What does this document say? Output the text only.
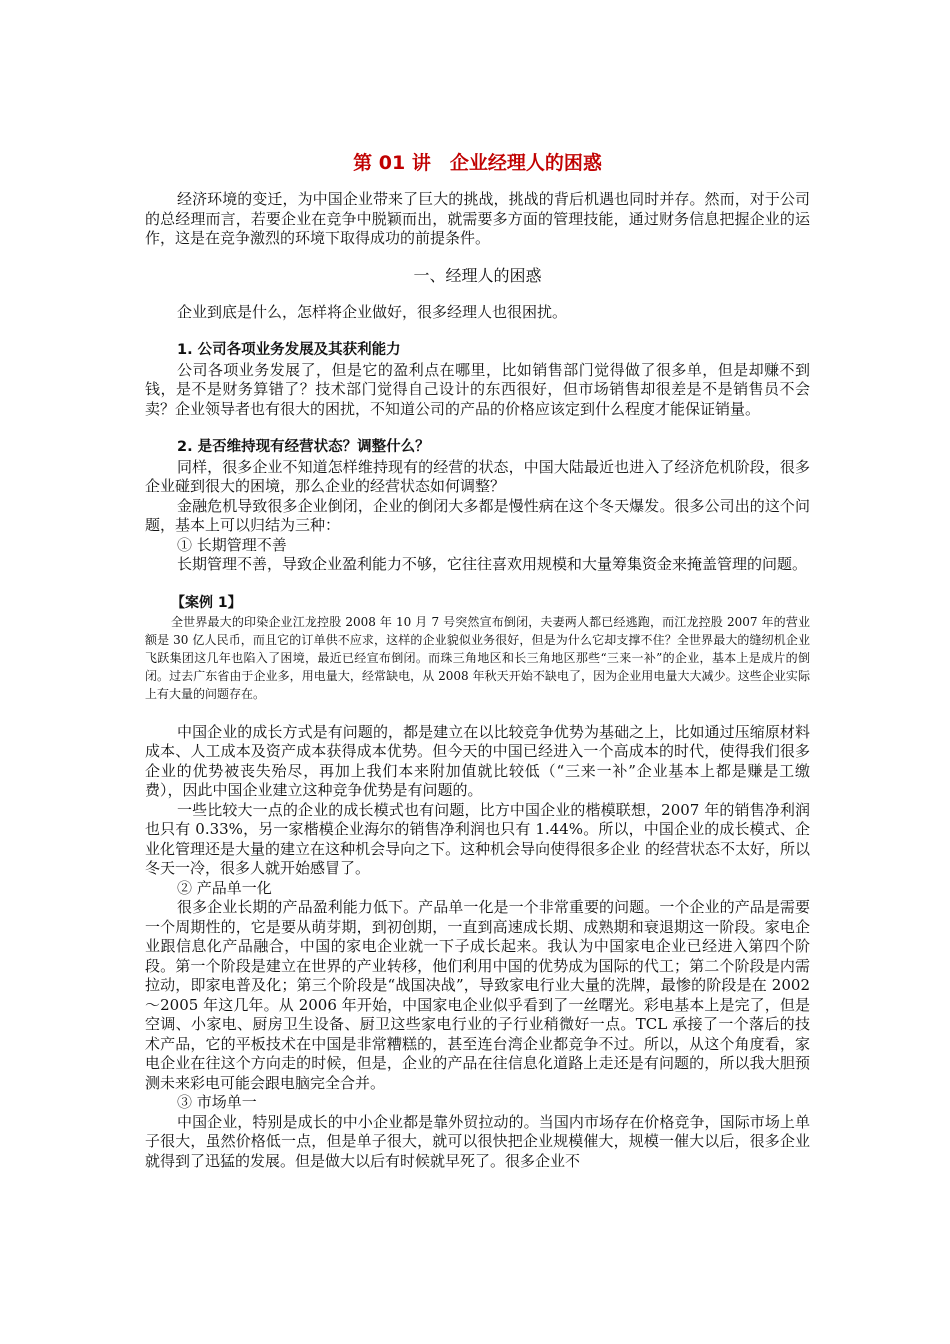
第 01 讲　企业经理人的困惑

经济环境的变迁，为中国企业带来了巨大的挑战，挑战的背后机遇也同时并存。然而，对于公司的总经理而言，若要企业在竞争中脱颖而出，就需要多方面的管理技能，通过财务信息把握企业的运作，这是在竞争激烈的环境下取得成功的前提条件。

一、经理人的困惑

企业到底是什么，怎样将企业做好，很多经理人也很困扰。

1. 公司各项业务发展及其获利能力

公司各项业务发展了，但是它的盈利点在哪里，比如销售部门觉得做了很多单，但是却赚不到钱，是不是财务算错了？技术部门觉得自己设计的东西很好，但市场销售却很差是不是销售员不会卖？企业领导者也有很大的困扰，不知道公司的产品的价格应该定到什么程度才能保证销量。

2. 是否维持现有经营状态？调整什么？

同样，很多企业不知道怎样维持现有的经营的状态，中国大陆最近也进入了经济危机阶段，很多企业碰到很大的困境，那么企业的经营状态如何调整？

金融危机导致很多企业倒闭，企业的倒闭大多都是慢性病在这个冬天爆发。很多公司出的这个问题，基本上可以归结为三种：

① 长期管理不善

长期管理不善，导致企业盈利能力不够，它往往喜欢用规模和大量筹集资金来掩盖管理的问题。

【案例 1】

全世界最大的印染企业江龙控股 2008 年 10 月 7 号突然宣布倒闭，夫妻两人都已经逃跑，而江龙控股 2007 年的营业额是 30 亿人民币，而且它的订单供不应求，这样的企业貌似业务很好，但是为什么它却支撑不住？全世界最大的缝纫机企业飞跃集团这几年也陷入了困境，最近已经宣布倒闭。而珠三角地区和长三角地区那些“三来一补”的企业，基本上是成片的倒闭。过去广东省由于企业多，用电量大，经常缺电，从 2008 年秋天开始不缺电了，因为企业用电量大大减少。这些企业实际上有大量的问题存在。

中国企业的成长方式是有问题的，都是建立在以比较竞争优势为基础之上，比如通过压缩原材料成本、人工成本及资产成本获得成本优势。但今天的中国已经进入一个高成本的时代，使得我们很多企业的优势被丧失殆尽，再加上我们本来附加值就比较低（“三来一补”企业基本上都是赚是工缴费），因此中国企业建立这种竞争优势是有问题的。

一些比较大一点的企业的成长模式也有问题，比方中国企业的楷模联想，2007 年的销售净利润也只有 0.33%，另一家楷模企业海尔的销售净利润也只有 1.44%。所以，中国企业的成长模式、企业化管理还是大量的建立在这种机会导向之下。这种机会导向使得很多企业 的经营状态不太好，所以冬天一冷，很多人就开始感冒了。

② 产品单一化

很多企业长期的产品盈利能力低下。产品单一化是一个非常重要的问题。一个企业的产品是需要一个周期性的，它是要从萌芽期，到初创期，一直到高速成长期、成熟期和衰退期这一阶段。家电企业跟信息化产品融合，中国的家电企业就一下子成长起来。我认为中国家电企业已经进入第四个阶段。第一个阶段是建立在世界的产业转移，他们利用中国的优势成为国际的代工；第二个阶段是内需拉动，即家电普及化；第三个阶段是“战国决战”，导致家电行业大量的洗牌，最惨的阶段是在 2002～2005 年这几年。从 2006 年开始，中国家电企业似乎看到了一丝曙光。彩电基本上是完了，但是空调、小家电、厨房卫生设备、厨卫这些家电行业的子行业稍微好一点。TCL 承接了一个落后的技术产品，它的平板技术在中国是非常糟糕的，甚至连台湾企业都竞争不过。所以，从这个角度看，家电企业在往这个方向走的时候，但是，企业的产品在往信息化道路上走还是有问题的，所以我大胆预测未来彩电可能会跟电脑完全合并。

③ 市场单一

中国企业，特别是成长的中小企业都是靠外贸拉动的。当国内市场存在价格竞争，国际市场上单子很大，虽然价格低一点，但是单子很大，就可以很快把企业规模催大，规模一催大以后，很多企业就得到了迅猛的发展。但是做大以后有时候就早死了。很多企业不
